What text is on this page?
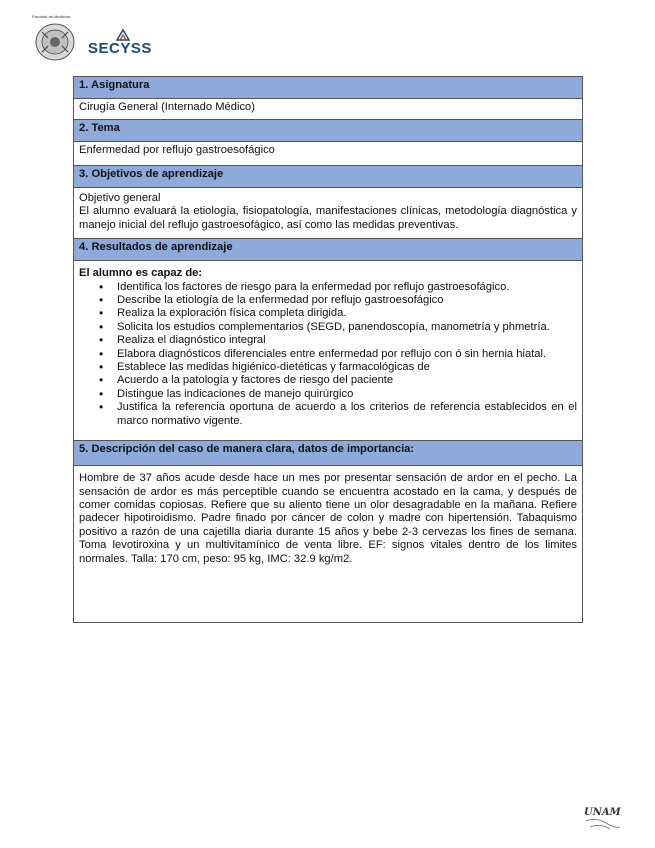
Facultad de Medicina
SECYSS
1. Asignatura
Cirugía General (Internado Médico)
2. Tema
Enfermedad por reflujo gastroesofágico
3. Objetivos de aprendizaje

Objetivo general
El alumno evaluará la etiología, fisiopatología, manifestaciones clínicas, metodología diagnóstica y manejo inicial del reflujo gastroesofágico, así como las medidas preventivas.

4. Resultados de aprendizaje

El alumno es capaz de:
• Identifica los factores de riesgo para la enfermedad por reflujo gastroesofágico.
• Describe la etiología de la enfermedad por reflujo gastroesofágico
• Realiza la exploración física completa dirigida.
• Solicita los estudios complementarios (SEGD, panendoscopía, manometría y phmetría.
• Realiza el diagnóstico integral
• Elabora diagnósticos diferenciales entre enfermedad por reflujo con ó sin hernia hiatal.
• Establece las medidas higiénico-dietéticas y farmacológicas de
• Acuerdo a la patología y factores de riesgo del paciente
• Distingue las indicaciones de manejo quirúrgico
• Justifica la referencia oportuna de acuerdo a los criterios de referencia establecidos en el marco normativo vigente.

5. Descripción del caso de manera clara, datos de importancia:
Hombre de 37 años acude desde hace un mes por presentar sensación de ardor en el pecho. La sensación de ardor es más perceptible cuando se encuentra acostado en la cama, y después de comer comidas copiosas. Refiere que su aliento tiene un olor desagradable en la mañana. Refiere padecer hipotiroidismo. Padre finado por cáncer de colon y madre con hipertensión. Tabaquismo positivo a razón de una cajetilla diaria durante 15 años y bebe 2-3 cervezas los fines de semana. Toma levotiroxina y un multivitamínico de venta libre. EF: signos vitales dentro de los limites normales. Talla: 170 cm, peso: 95 kg, IMC: 32.9 kg/m2.
UNAM
